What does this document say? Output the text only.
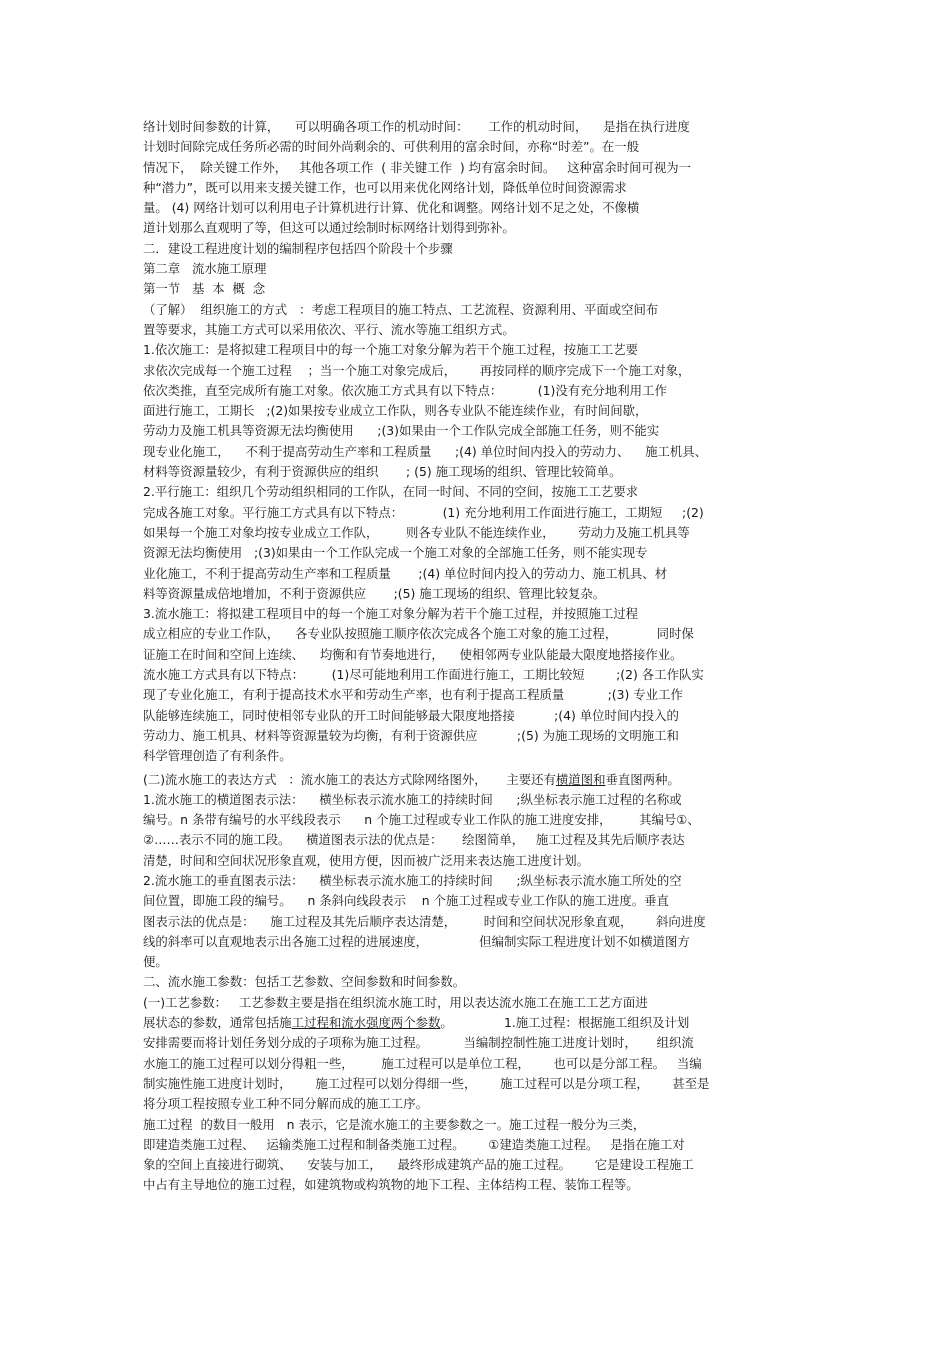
络计划时间参数的计算，    可以明确各项工作的机动时间：     工作的机动时间，    是指在执行进度
计划时间除完成任务所必需的时间外尚剩余的、可供利用的富余时间，亦称“时差”。在一般
情况下，  除关键工作外，   其他各项工作  ( 非关键工作  ) 均有富余时间。   这种富余时间可视为一
种“潜力”，既可以用来支援关键工作，也可以用来优化网络计划，降低单位时间资源需求
量。 (4) 网络计划可以利用电子计算机进行计算、优化和调整。网络计划不足之处，不像横
道计划那么直观明了等，但这可以通过绘制时标网络计划得到弥补。
二．建设工程进度计划的编制程序包括四个阶段十个步骤
第二章   流水施工原理
第一节   基  本  概  念
（了解）  组织施工的方式   ：考虑工程项目的施工特点、工艺流程、资源利用、平面或空间布
置等要求，其施工方式可以采用依次、平行、流水等施工组织方式。
1.依次施工：是将拟建工程项目中的每一个施工对象分解为若干个施工过程，按施工工艺要
求依次完成每一个施工过程    ；当一个施工对象完成后，      再按同样的顺序完成下一个施工对象，
依次类推，直至完成所有施工对象。依次施工方式具有以下特点：         (1)没有充分地利用工作
面进行施工，工期长   ;(2)如果按专业成立工作队，则各专业队不能连续作业，有时间间歇，
劳动力及施工机具等资源无法均衡使用      ;(3)如果由一个工作队完成全部施工任务，则不能实
现专业化施工，    不利于提高劳动生产率和工程质量      ;(4) 单位时间内投入的劳动力、    施工机具、
材料等资源量较少，有利于资源供应的组织       ; (5) 施工现场的组织、管理比较简单。
2.平行施工：组织几个劳动组织相同的工作队，在同一时间、不同的空间，按施工工艺要求
完成各施工对象。平行施工方式具有以下特点：          (1) 充分地利用工作面进行施工，工期短     ;(2)
如果每一个施工对象均按专业成立工作队，       则各专业队不能连续作业，      劳动力及施工机具等
资源无法均衡使用   ;(3)如果由一个工作队完成一个施工对象的全部施工任务，则不能实现专
业化施工，不利于提高劳动生产率和工程质量       ;(4) 单位时间内投入的劳动力、施工机具、材
料等资源量成倍地增加，不利于资源供应       ;(5) 施工现场的组织、管理比较复杂。
3.流水施工：将拟建工程项目中的每一个施工对象分解为若干个施工过程，并按照施工过程
成立相应的专业工作队，    各专业队按照施工顺序依次完成各个施工对象的施工过程，          同时保
证施工在时间和空间上连续、    均衡和有节奏地进行，    使相邻两专业队能最大限度地搭接作业。
流水施工方式具有以下特点：       (1)尽可能地利用工作面进行施工，工期比较短        ;(2) 各工作队实
现了专业化施工，有利于提高技术水平和劳动生产率，也有利于提高工程质量           ;(3) 专业工作
队能够连续施工，同时使相邻专业队的开工时间能够最大限度地搭接          ;(4) 单位时间内投入的
劳动力、施工机具、材料等资源量较为均衡，有利于资源供应          ;(5) 为施工现场的文明施工和
科学管理创造了有利条件。
(二)流水施工的表达方式   ：流水施工的表达方式除网络图外，     主要还有横道图和垂直图两种。
1.流水施工的横道图表示法：    横坐标表示流水施工的持续时间      ;纵坐标表示施工过程的名称或
编号。n 条带有编号的水平线段表示      n 个施工过程或专业工作队的施工进度安排，       其编号①、
②……表示不同的施工段。    横道图表示法的优点是：     绘图简单，   施工过程及其先后顺序表达
清楚，时间和空间状况形象直观，使用方便，因而被广泛用来表达施工进度计划。
2.流水施工的垂直图表示法：    横坐标表示流水施工的持续时间      ;纵坐标表示流水施工所处的空
间位置，即施工段的编号。    n 条斜向线段表示    n 个施工过程或专业工作队的施工进度。垂直
图表示法的优点是：    施工过程及其先后顺序表达清楚，       时间和空间状况形象直观，      斜向进度
线的斜率可以直观地表示出各施工过程的进展速度，             但编制实际工程进度计划不如横道图方
便。
二、流水施工参数：包括工艺参数、空间参数和时间参数。
(一)工艺参数：   工艺参数主要是指在组织流水施工时，用以表达流水施工在施工工艺方面进
展状态的参数，通常包括施工过程和流水强度两个参数。             1.施工过程：根据施工组织及计划
安排需要而将计划任务划分成的子项称为施工过程。         当编制控制性施工进度计划时，     组织流
水施工的施工过程可以划分得粗一些，       施工过程可以是单位工程，      也可以是分部工程。   当编
制实施性施工进度计划时，      施工过程可以划分得细一些，      施工过程可以是分项工程，      甚至是
将分项工程按照专业工种不同分解而成的施工工序。
施工过程  的数目一般用   n 表示，它是流水施工的主要参数之一。施工过程一般分为三类，
即建造类施工过程、   运输类施工过程和制备类施工过程。      ①建造类施工过程。   是指在施工对
象的空间上直接进行砌筑、    安装与加工，    最终形成建筑产品的施工过程。      它是建设工程施工
中占有主导地位的施工过程，如建筑物或构筑物的地下工程、主体结构工程、装饰工程等。
